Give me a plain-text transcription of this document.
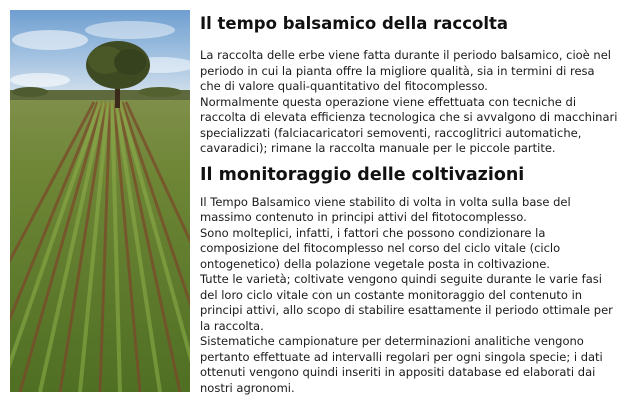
Il tempo balsamico della raccolta

La raccolta delle erbe viene fatta durante il periodo balsamico, cioè nel
periodo in cui la pianta offre la migliore qualità, sia in termini di resa
che di valore quali-quantitativo del fitocomplesso.
Normalmente questa operazione viene effettuata con tecniche di
raccolta di elevata efficienza tecnologica che si avvalgono di macchinari
specializzati (falciacaricatori semoventi, raccoglitrici automatiche,
cavaradici); rimane la raccolta manuale per le piccole partite.

Il monitoraggio delle coltivazioni

Il Tempo Balsamico viene stabilito di volta in volta sulla base del
massimo contenuto in principi attivi del fitotocomplesso.
Sono molteplici, infatti, i fattori che possono condizionare la
composizione del fitocomplesso nel corso del ciclo vitale (ciclo
ontogenetico) della polazione vegetale posta in coltivazione.
Tutte le varietà; coltivate vengono quindi seguite durante le varie fasi
del loro ciclo vitale con un costante monitoraggio del contenuto in
principi attivi, allo scopo di stabilire esattamente il periodo ottimale per
la raccolta.
Sistematiche campionature per determinazioni analitiche vengono
pertanto effettuate ad intervalli regolari per ogni singola specie; i dati
ottenuti vengono quindi inseriti in appositi database ed elaborati dai
nostri agronomi.
